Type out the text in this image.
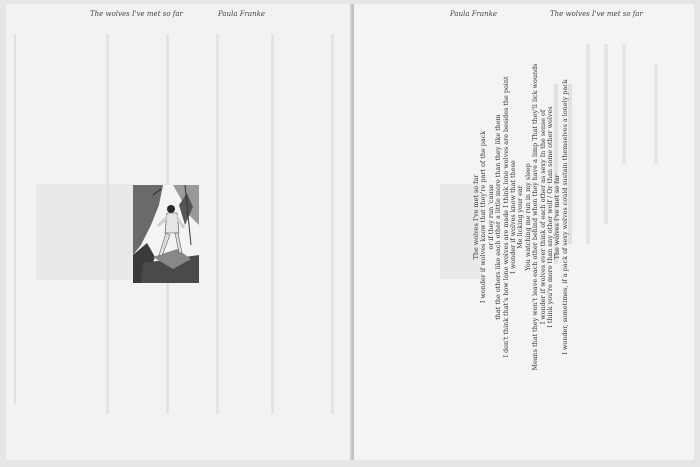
The wolves I've met so far	Paula Franke	Paula Franke	The wolves I've met so far
The wolves I've met so far I wonder if wolves know that they're part of the pack or if they run 'cause that the others like each other a little more than they like them I don't think that's how lone wolves are made I think lone wolves are besides the point I wonder if wolves know that these Me licking your ear You watching me run in my sleep Means that they won't leave each other behind when they have a limp That they'll lick wounds I wonder if wolves ever think of each other as sexy In the sense of I think you're more than any other wolf / Or than some other wolves The wolves I've met so far I wonder, sometimes, if a pack of sexy wolves could sustain themselves a lonely pack
